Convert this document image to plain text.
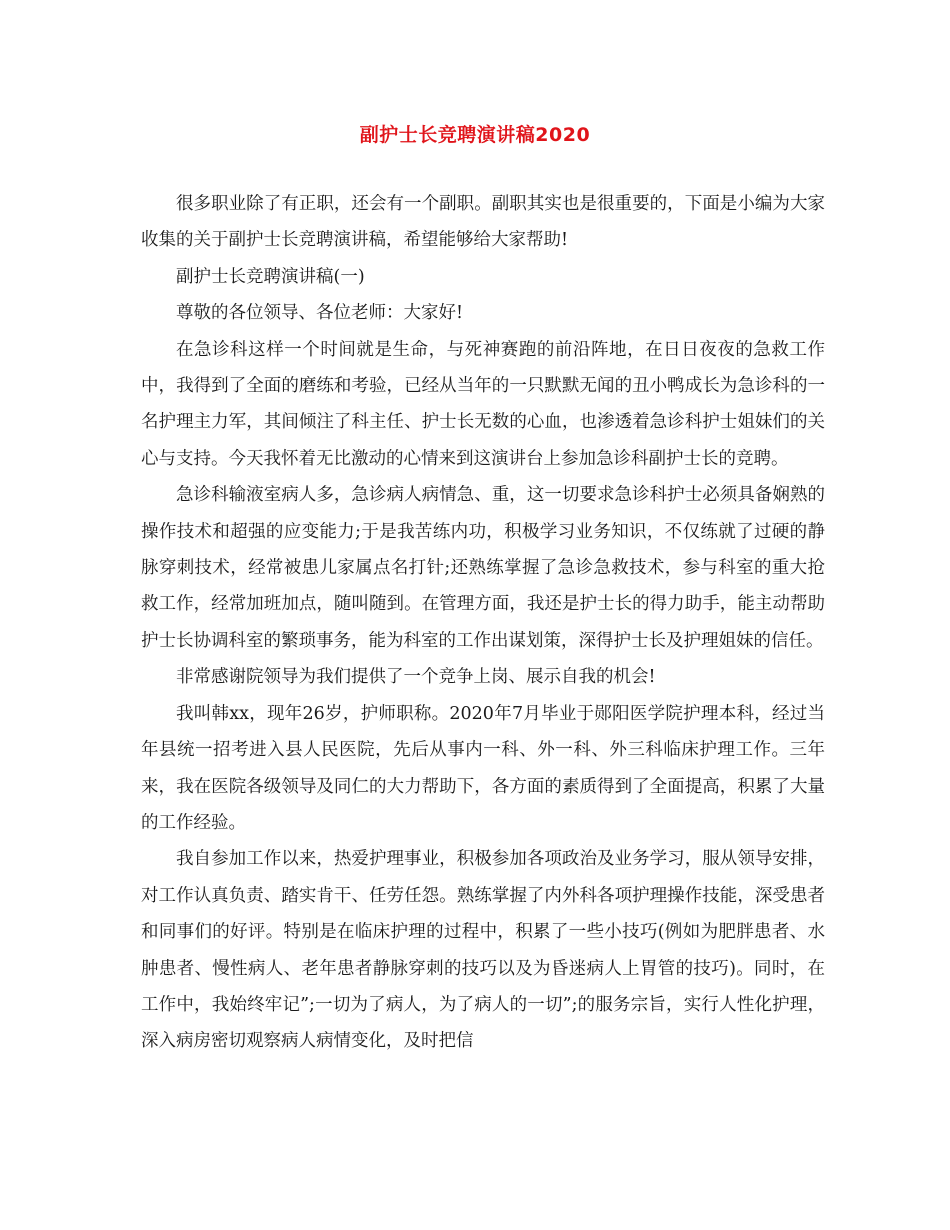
副护士长竞聘演讲稿2020

很多职业除了有正职，还会有一个副职。副职其实也是很重要的，下面是小编为大家收集的关于副护士长竞聘演讲稿，希望能够给大家帮助!

副护士长竞聘演讲稿(一)

尊敬的各位领导、各位老师：大家好!

在急诊科这样一个时间就是生命，与死神赛跑的前沿阵地，在日日夜夜的急救工作中，我得到了全面的磨练和考验，已经从当年的一只默默无闻的丑小鸭成长为急诊科的一名护理主力军，其间倾注了科主任、护士长无数的心血，也渗透着急诊科护士姐妹们的关心与支持。今天我怀着无比激动的心情来到这演讲台上参加急诊科副护士长的竞聘。

急诊科输液室病人多，急诊病人病情急、重，这一切要求急诊科护士必须具备娴熟的操作技术和超强的应变能力;于是我苦练内功，积极学习业务知识，不仅练就了过硬的静脉穿刺技术，经常被患儿家属点名打针;还熟练掌握了急诊急救技术，参与科室的重大抢救工作，经常加班加点，随叫随到。在管理方面，我还是护士长的得力助手，能主动帮助护士长协调科室的繁琐事务，能为科室的工作出谋划策，深得护士长及护理姐妹的信任。

非常感谢院领导为我们提供了一个竞争上岗、展示自我的机会!

我叫韩xx，现年26岁，护师职称。2020年7月毕业于郧阳医学院护理本科，经过当年县统一招考进入县人民医院，先后从事内一科、外一科、外三科临床护理工作。三年来，我在医院各级领导及同仁的大力帮助下，各方面的素质得到了全面提高，积累了大量的工作经验。

我自参加工作以来，热爱护理事业，积极参加各项政治及业务学习，服从领导安排，对工作认真负责、踏实肯干、任劳任怨。熟练掌握了内外科各项护理操作技能，深受患者和同事们的好评。特别是在临床护理的过程中，积累了一些小技巧(例如为肥胖患者、水肿患者、慢性病人、老年患者静脉穿刺的技巧以及为昏迷病人上胃管的技巧)。同时，在工作中，我始终牢记”;一切为了病人，为了病人的一切”;的服务宗旨，实行人性化护理，深入病房密切观察病人病情变化，及时把信
